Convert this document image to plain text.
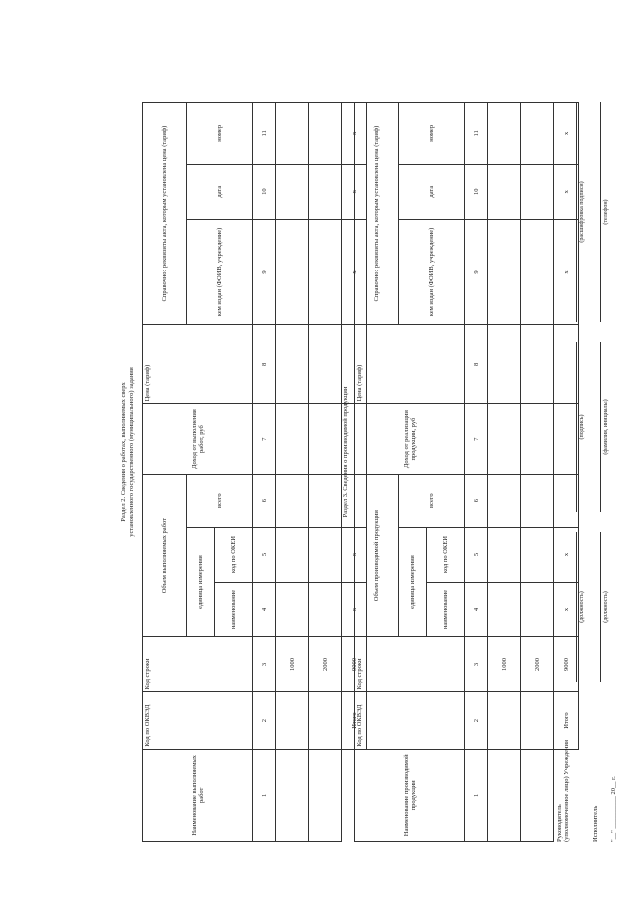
Раздел 2. Сведения о работах, выполняемых сверх установленного государственного (муниципального) задания
Наименование выполняемых работ	Код по ОКВЭД	Код строки	Объем выполняемых работ			Доход от выполнения работ, руб	Цена (тариф)	Справочно: реквизиты акта, которым установлена цена (тариф)		
			единица измерения		всего			кем издан (ФОИВ, учреждение)	дата	номер
			наименование	код по ОКЕИ						
1	2	3	4	5	6	7	8	9	10	11
		1000								
		2000								
	Итого	9000	x	x				x	x	x
Раздел 3. Сведения о производимой продукции
Наименование производимой продукции	Код по ОКВЭД	Код строки	Объем производимой продукции			Доход от реализации продукции, руб	Цена (тариф)	Справочно: реквизиты акта, которым установлена цена (тариф)		
			единица измерения		всего			кем издан (ФОИВ, учреждение)	дата	номер
			наименование	код по ОКЕИ						
1	2	3	4	5	6	7	8	9	10	11
		1000								
		2000								
	Итого	9000	x	x				x	x	x
Руководитель (уполномоченное лицо) Учреждения
(должность)
(подпись)
(расшифровка подписи)
Исполнитель
(должность)
(фамилия, инициалы)
(телефон)
"__" __________ 20__ г.
